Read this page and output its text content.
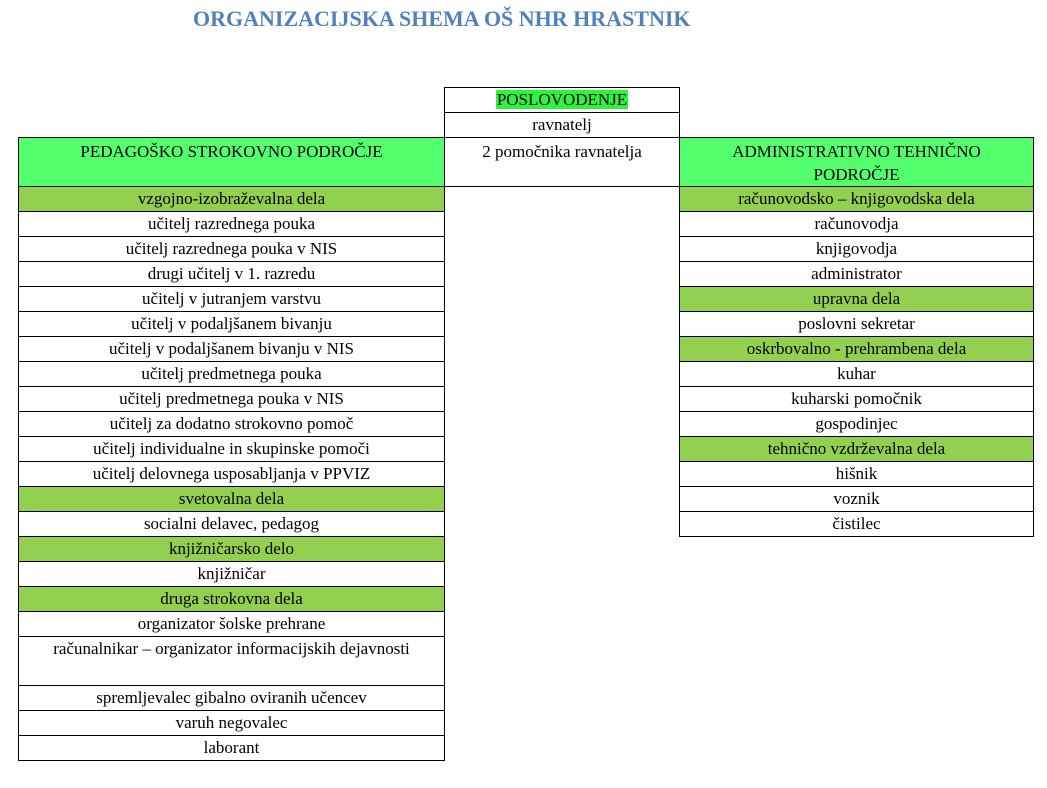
ORGANIZACIJSKA SHEMA OŠ NHR HRASTNIK
POSLOVODENJE
ravnatelj
2 pomočnika ravnatelja
PEDAGOŠKO STROKOVNO PODROČJE	ADMINISTRATIVNO TEHNIČNO PODROČJE
vzgojno-izobraževalna dela
učitelj razrednega pouka
učitelj razrednega pouka v NIS
drugi učitelj v 1. razredu
učitelj v jutranjem varstvu
učitelj v podaljšanem bivanju
učitelj v podaljšanem bivanju v NIS
učitelj predmetnega pouka
učitelj predmetnega pouka v NIS
učitelj za dodatno strokovno pomoč
učitelj individualne in skupinske pomoči
učitelj delovnega usposabljanja v PPVIZ
svetovalna dela
socialni delavec, pedagog
knjižničarsko delo
knjižničar
druga strokovna dela
organizator šolske prehrane
računalnikar – organizator informacijskih dejavnosti
spremljevalec gibalno oviranih učencev
varuh negovalec
laborant
računovodsko – knjigovodska dela
računovodja
knjigovodja
administrator
upravna dela
poslovni sekretar
oskrbovalno - prehrambena dela
kuhar
kuharski pomočnik
gospodinjec
tehnično vzdrževalna dela
hišnik
voznik
čistilec
